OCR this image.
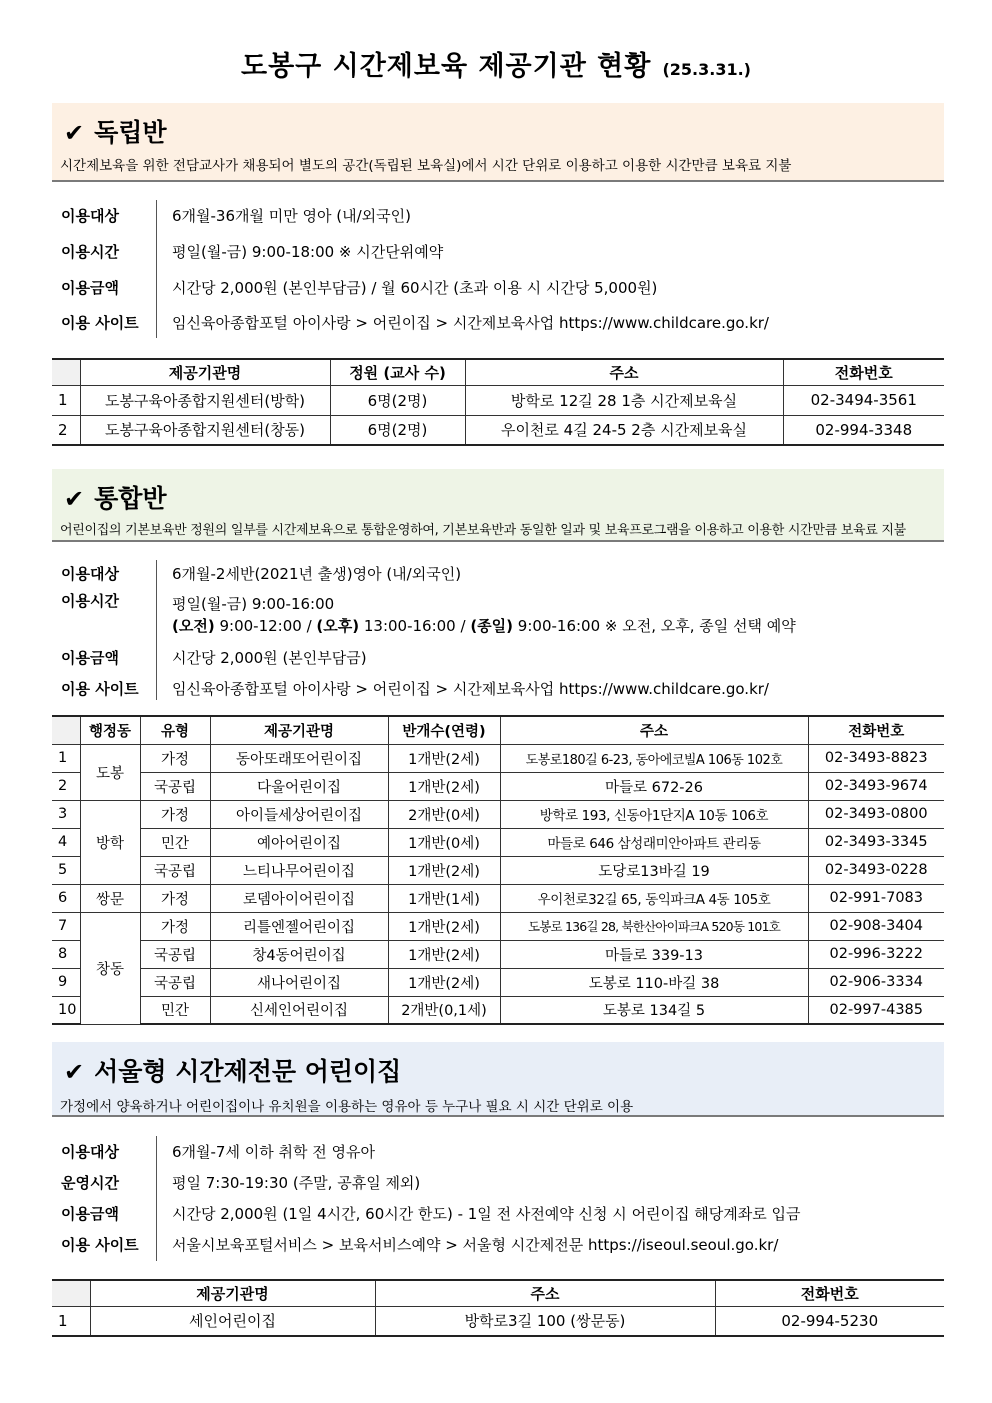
도봉구 시간제보육 제공기관 현황 (25.3.31.)
✔ 독립반
시간제보육을 위한 전담교사가 채용되어 별도의 공간(독립된 보육실)에서 시간 단위로 이용하고 이용한 시간만큼 보육료 지불
이용대상	6개월-36개월 미만 영아 (내/외국인)
이용시간	평일(월-금) 9:00-18:00 ※ 시간단위예약
이용금액	시간당 2,000원 (본인부담금) / 월 60시간 (초과 이용 시 시간당 5,000원)
이용 사이트 임신육아종합포털 아이사랑 > 어린이집 > 시간제보육사업 https://www.childcare.go.kr/
	제공기관명	정원 (교사 수)	주소	전화번호
1	도봉구육아종합지원센터(방학)	6명(2명)	방학로 12길 28 1층 시간제보육실	02-3494-3561
2	도봉구육아종합지원센터(창동)	6명(2명)	우이천로 4길 24-5 2층 시간제보육실	02-994-3348
✔ 통합반
어린이집의 기본보육반 정원의 일부를 시간제보육으로 통합운영하여, 기본보육반과 동일한 일과 및 보육프로그램을 이용하고 이용한 시간만큼 보육료 지불
이용대상	6개월-2세반(2021년 출생)영아 (내/외국인)
이용시간	평일(월-금) 9:00-16:00
(오전) 9:00-12:00 / (오후) 13:00-16:00 / (종일) 9:00-16:00 ※ 오전, 오후, 종일 선택 예약
이용금액	시간당 2,000원 (본인부담금)
이용 사이트 임신육아종합포털 아이사랑 > 어린이집 > 시간제보육사업 https://www.childcare.go.kr/
	행정동	유형	제공기관명	반개수(연령)	주소	전화번호
1	도봉	가정	동아또래또어린이집	1개반(2세)	도봉로180길 6-23, 동아에코빌A 106동 102호	02-3493-8823
2		국공립	다울어린이집	1개반(2세)	마들로 672-26	02-3493-9674
3	방학	가정	아이들세상어린이집	2개반(0세)	방학로 193, 신동아1단지A 10동 106호	02-3493-0800
4		민간	예아어린이집	1개반(0세)	마들로 646 삼성래미안아파트 관리동	02-3493-3345
5		국공립	느티나무어린이집	1개반(2세)	도당로13바길 19	02-3493-0228
6	쌍문	가정	로뎀아이어린이집	1개반(1세)	우이천로32길 65, 동익파크A 4동 105호	02-991-7083
7	창동	가정	리틀엔젤어린이집	1개반(2세)	도봉로 136길 28, 북한산아이파크A 520동 101호	02-908-3404
8		국공립	창4동어린이집	1개반(2세)	마들로 339-13	02-996-3222
9		국공립	새나어린이집	1개반(2세)	도봉로 110-바길 38	02-906-3334
10		민간	신세인어린이집	2개반(0,1세)	도봉로 134길 5	02-997-4385
✔ 서울형 시간제전문 어린이집
가정에서 양육하거나 어린이집이나 유치원을 이용하는 영유아 등 누구나 필요 시 시간 단위로 이용
이용대상	6개월-7세 이하 취학 전 영유아
운영시간	평일 7:30-19:30 (주말, 공휴일 제외)
이용금액	시간당 2,000원 (1일 4시간, 60시간 한도) - 1일 전 사전예약 신청 시 어린이집 해당계좌로 입금
이용 사이트 서울시보육포털서비스 > 보육서비스예약 > 서울형 시간제전문 https://iseoul.seoul.go.kr/
	제공기관명	주소	전화번호
1	세인어린이집	방학로3길 100 (쌍문동)	02-994-5230
